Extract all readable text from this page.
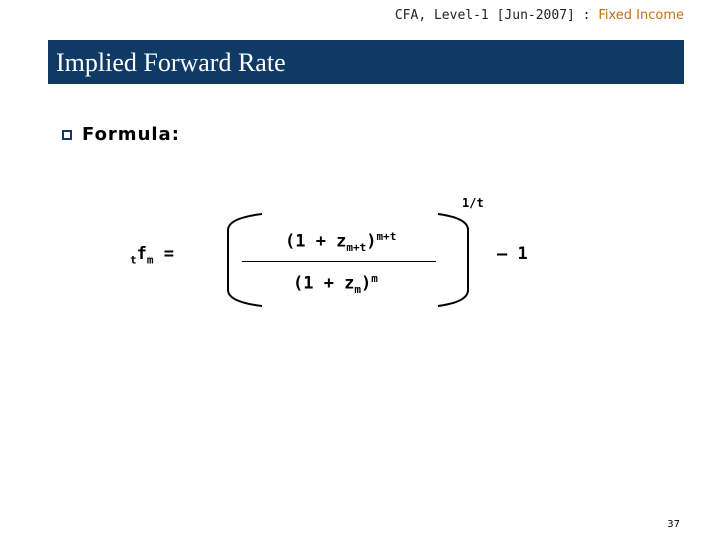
CFA, Level-1 [Jun-2007] : Fixed Income
Implied Forward Rate
Formula:
$_tf_m$ =
1/t
$(1 + z_{m+t})^{m+t}$
$(1 + z_m)^m$
– 1
37
